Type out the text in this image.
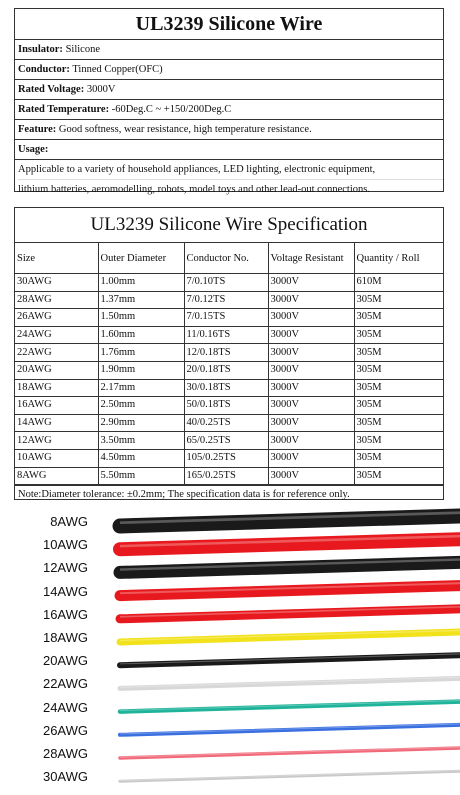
UL3239 Silicone Wire
Insulator: Silicone
Conductor: Tinned Copper(OFC)
Rated Voltage: 3000V
Rated Temperature: -60Deg.C ~ +150/200Deg.C
Feature: Good softness, wear resistance, high temperature resistance.
Usage:
Applicable to a variety of household appliances, LED lighting, electronic equipment,
lithium batteries, aeromodelling, robots, model toys and other lead-out connections.
UL3239 Silicone Wire Specification
Size	Outer Diameter	Conductor No.	Voltage Resistant	Quantity / Roll
30AWG	1.00mm	7/0.10TS	3000V	610M
28AWG	1.37mm	7/0.12TS	3000V	305M
26AWG	1.50mm	7/0.15TS	3000V	305M
24AWG	1.60mm	11/0.16TS	3000V	305M
22AWG	1.76mm	12/0.18TS	3000V	305M
20AWG	1.90mm	20/0.18TS	3000V	305M
18AWG	2.17mm	30/0.18TS	3000V	305M
16AWG	2.50mm	50/0.18TS	3000V	305M
14AWG	2.90mm	40/0.25TS	3000V	305M
12AWG	3.50mm	65/0.25TS	3000V	305M
10AWG	4.50mm	105/0.25TS	3000V	305M
8AWG	5.50mm	165/0.25TS	3000V	305M
Note:Diameter tolerance: ±0.2mm; The specification data is for reference only.
8AWG
10AWG
12AWG
14AWG
16AWG
18AWG
20AWG
22AWG
24AWG
26AWG
28AWG
30AWG
